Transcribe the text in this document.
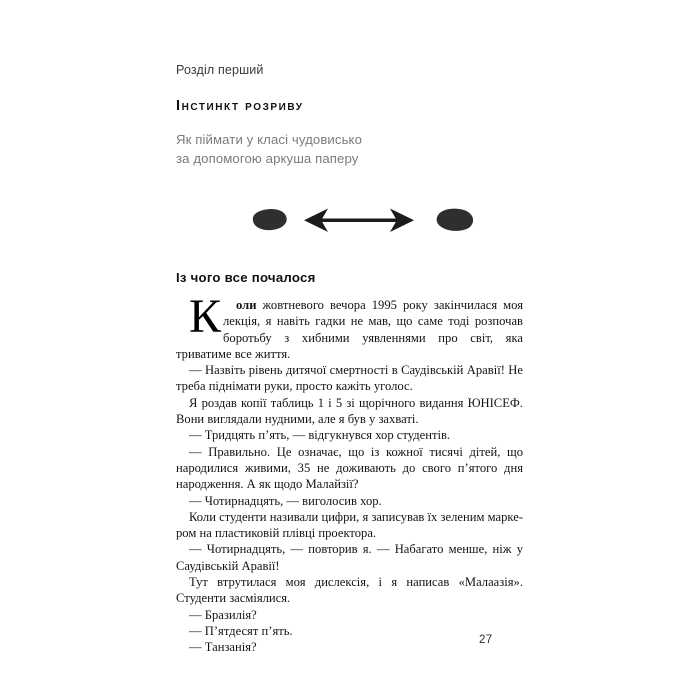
Розділ перший
Інстинкт розриву
Як піймати у класі чудовисько
за допомогою аркуша паперу
Із чого все почалося

К оли жовтневого вечора 1995 року закінчилася моя лекція, я навіть гадки не мав, що саме тоді розпочав боротьбу з хибними уявленнями про світ, яка триватиме все життя.

— Назвіть рівень дитячої смертності в Саудівській Аравії! Не треба піднімати руки, просто кажіть уголос.

Я роздав копії таблиць 1 і 5 зі щорічного видання ЮНІСЕФ. Вони виглядали нудними, але я був у захваті.

— Тридцять п’ять, — відгукнувся хор студентів.

— Правильно. Це означає, що із кожної тисячі дітей, що народилися живими, 35 не доживають до свого п’ятого дня народження. А як щодо Малайзії?

— Чотирнадцять, — виголосив хор.

Коли студенти називали цифри, я записував їх зеленим маркером на пластиковій плівці проектора.

— Чотирнадцять, — повторив я. — Набагато менше, ніж у Саудівській Аравії!

Тут втрутилася моя дислексія, і я написав «Малаазія». Студенти засміялися.

— Бразилія?

— П’ятдесят п’ять.

— Танзанія?

27
